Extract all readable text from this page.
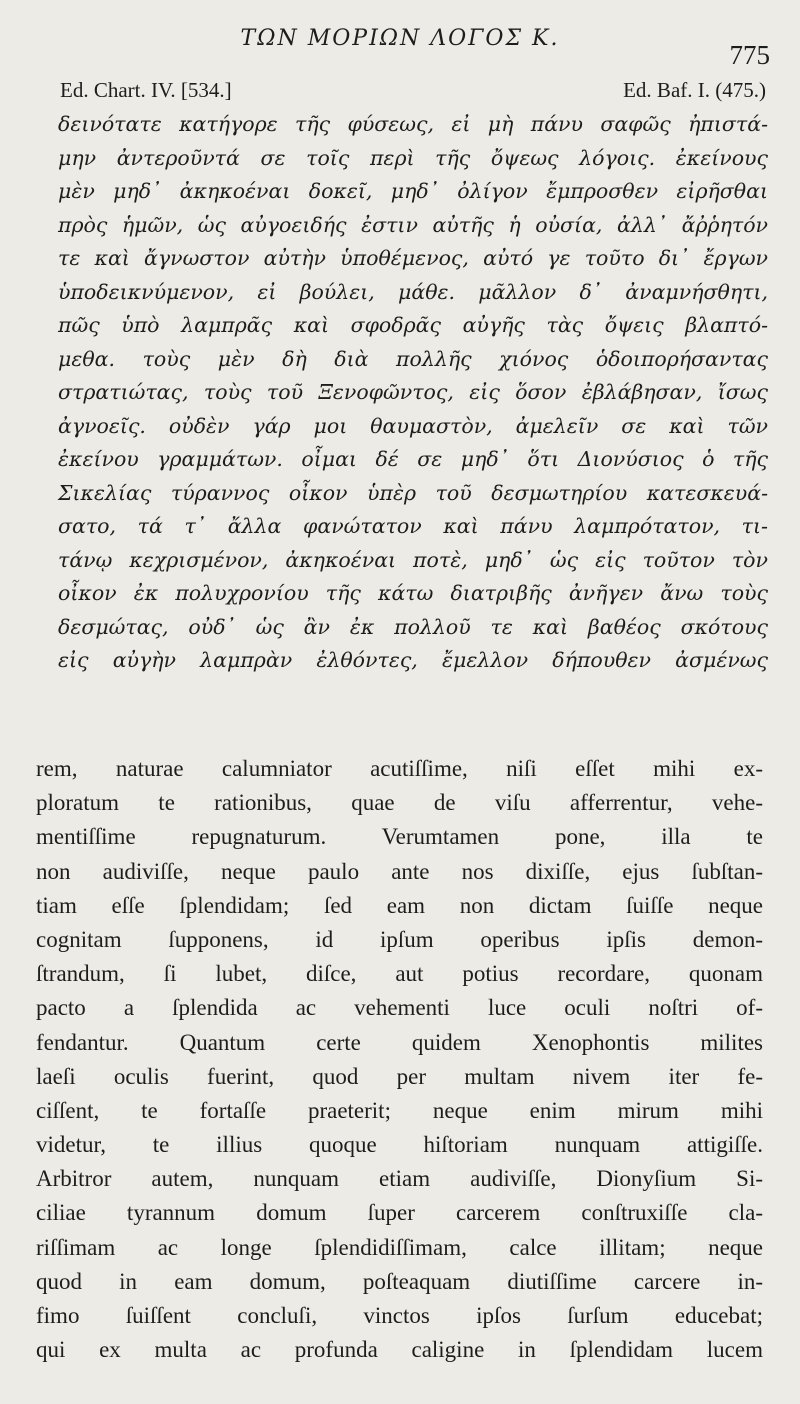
ΤΩΝ ΜΟΡΙΩΝ ΛΟΓΟΣ Κ.
775
Ed. Chart. IV. [534.]	Ed. Baf. I. (475.)
δεινότατε κατήγορε τῆς φύσεως, εἰ μὴ πάνυ σαφῶς ἠπιστά-
μην ἀντεροῦντά σε τοῖς περὶ τῆς ὄψεως λόγοις. ἐκείνους
μὲν μηδ᾽ ἀκηκοέναι δοκεῖ, μηδ᾽ ὀλίγον ἔμπροσθεν εἰρῆσθαι
πρὸς ἡμῶν, ὡς αὐγοειδής ἐστιν αὐτῆς ἡ οὐσία, ἀλλ᾽ ἄῤῥητόν
τε καὶ ἄγνωστον αὐτὴν ὑποθέμενος, αὐτό γε τοῦτο δι᾽ ἔργων
ὑποδεικνύμενον, εἰ βούλει, μάθε. μᾶλλον δ᾽ ἀναμνήσθητι,
πῶς ὑπὸ λαμπρᾶς καὶ σφοδρᾶς αὐγῆς τὰς ὄψεις βλαπτό-
μεθα. τοὺς μὲν δὴ διὰ πολλῆς χιόνος ὁδοιπορήσαντας
στρατιώτας, τοὺς τοῦ Ξενοφῶντος, εἰς ὅσον ἐβλάβησαν, ἴσως
ἀγνοεῖς. οὐδὲν γάρ μοι θαυμαστὸν, ἀμελεῖν σε καὶ τῶν
ἐκείνου γραμμάτων. οἶμαι δέ σε μηδ᾽ ὅτι Διονύσιος ὁ τῆς
Σικελίας τύραννος οἶκον ὑπὲρ τοῦ δεσμωτηρίου κατεσκευά-
σατο, τά τ᾽ ἄλλα φανώτατον καὶ πάνυ λαμπρότατον, τι-
τάνῳ κεχρισμένον, ἀκηκοέναι ποτὲ, μηδ᾽ ὡς εἰς τοῦτον τὸν
οἶκον ἐκ πολυχρονίου τῆς κάτω διατριβῆς ἀνῆγεν ἄνω τοὺς
δεσμώτας, οὐδ᾽ ὡς ἂν ἐκ πολλοῦ τε καὶ βαθέος σκότους
εἰς αὐγὴν λαμπρὰν ἐλθόντες, ἔμελλον δήπουθεν ἀσμένως
rem, naturae calumniator acutiſſime, niſi eſſet mihi ex-
ploratum te rationibus, quae de viſu afferrentur, vehe-
mentiſſime repugnaturum. Verumtamen pone, illa te
non audiviſſe, neque paulo ante nos dixiſſe, ejus ſubſtan-
tiam eſſe ſplendidam; ſed eam non dictam ſuiſſe neque
cognitam ſupponens, id ipſum operibus ipſis demon-
ſtrandum, ſi lubet, diſce, aut potius recordare, quonam
pacto a ſplendida ac vehementi luce oculi noſtri of-
fendantur. Quantum certe quidem Xenophontis milites
laeſi oculis fuerint, quod per multam nivem iter fe-
ciſſent, te fortaſſe praeterit; neque enim mirum mihi
videtur, te illius quoque hiſtoriam nunquam attigiſſe.
Arbitror autem, nunquam etiam audiviſſe, Dionyſium Si-
ciliae tyrannum domum ſuper carcerem conſtruxiſſe cla-
riſſimam ac longe ſplendidiſſimam, calce illitam; neque
quod in eam domum, poſteaquam diutiſſime carcere in-
fimo ſuiſſent concluſi, vinctos ipſos ſurſum educebat;
qui ex multa ac profunda caligine in ſplendidam lucem
